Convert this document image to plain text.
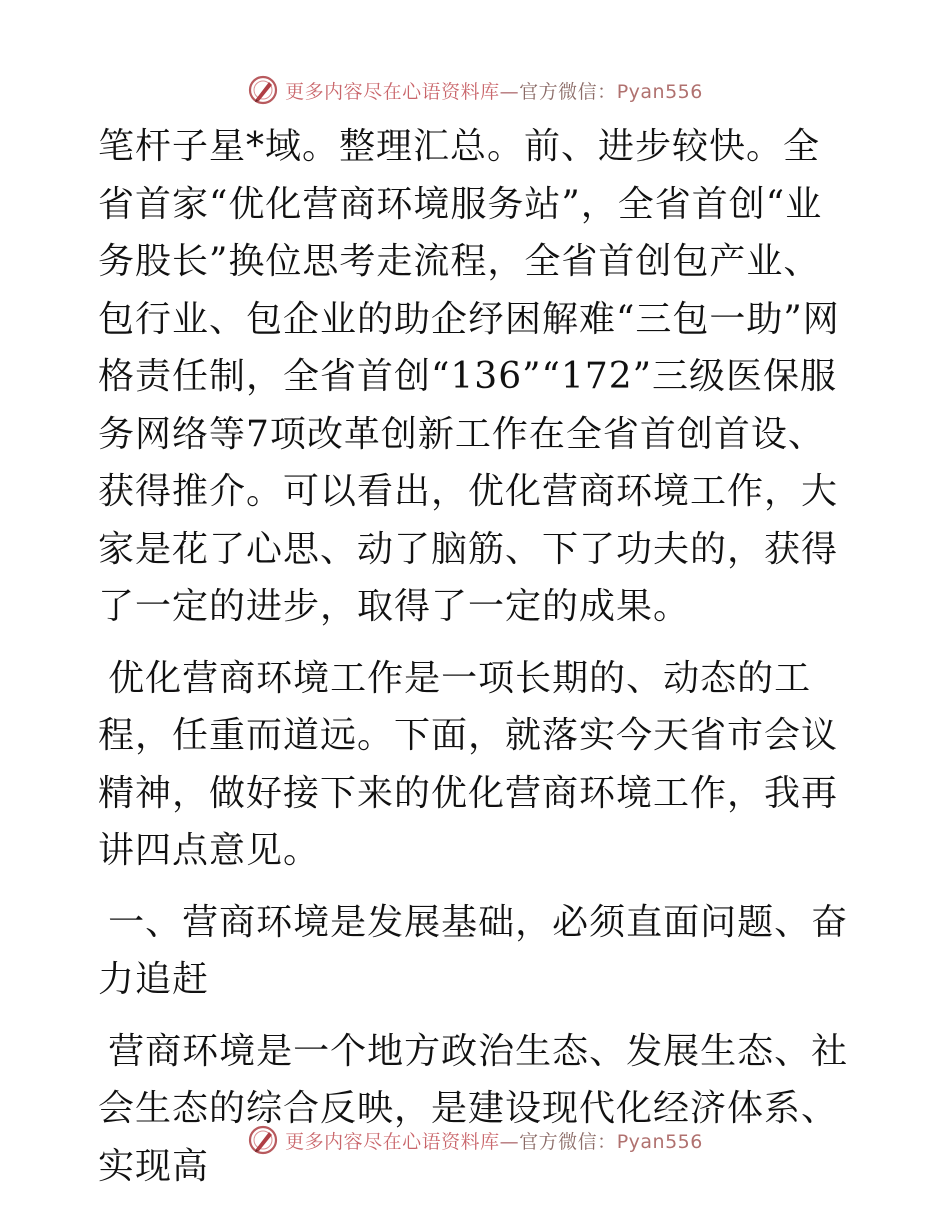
更多内容尽在心语资料库—官方微信：Pyan556

笔杆子星*域。整理汇总。前、进步较快。全省首家“优化营商环境服务站”，全省首创“业务股长”换位思考走流程，全省首创包产业、包行业、包企业的助企纾困解难“三包一助”网格责任制，全省首创“136”“172”三级医保服务网络等7项改革创新工作在全省首创首设、获得推介。可以看出，优化营商环境工作，大家是花了心思、动了脑筋、下了功夫的，获得了一定的进步，取得了一定的成果。

优化营商环境工作是一项长期的、动态的工程，任重而道远。下面，就落实今天省市会议精神，做好接下来的优化营商环境工作，我再讲四点意见。

一、营商环境是发展基础，必须直面问题、奋力追赶

营商环境是一个地方政治生态、发展生态、社会生态的综合反映，是建设现代化经济体系、实现高

更多内容尽在心语资料库—官方微信：Pyan556
